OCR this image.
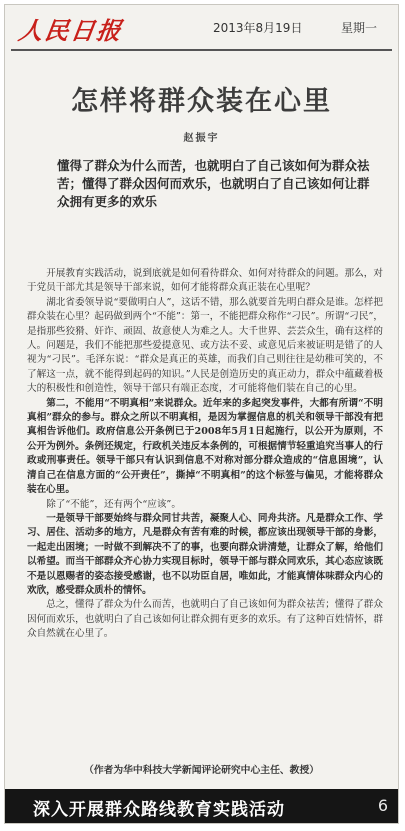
人民日报	2013年8月19日	星期一
怎样将群众装在心里
赵振宇

懂得了群众为什么而苦，也就明白了自己该如何为群众祛苦；懂得了群众因何而欢乐，也就明白了自己该如何让群众拥有更多的欢乐

开展教育实践活动，说到底就是如何看待群众、如何对待群众的问题。那么，对于党员干部尤其是领导干部来说，如何才能将群众真正装在心里呢？

湖北省委领导说“要做明白人”，这话不错，那么就要首先明白群众是谁。怎样把群众装在心里？起码做到两个“不能”：第一，不能把群众称作“刁民”。所谓“刁民”，是指那些狡猾、奸诈、顽固、故意使人为难之人。大千世界、芸芸众生，确有这样的人。问题是，我们不能把那些爱提意见、或方法不妥、或意见后来被证明是错了的人视为“刁民”。毛泽东说：“群众是真正的英雄，而我们自己则往往是幼稚可笑的，不了解这一点，就不能得到起码的知识。”人民是创造历史的真正动力，群众中蕴藏着极大的积极性和创造性，领导干部只有端正态度，才可能将他们装在自己的心里。

第二，不能用“不明真相”来说群众。近年来的多起突发事件，大都有所谓“不明真相”群众的参与。群众之所以不明真相，是因为掌握信息的机关和领导干部没有把真相告诉他们。政府信息公开条例已于2008年5月1日起施行，以公开为原则，不公开为例外。条例还规定，行政机关违反本条例的，可根据情节轻重追究当事人的行政或刑事责任。领导干部只有认识到信息不对称对部分群众造成的“信息困境”，认清自己在信息方面的“公开责任”，撕掉“不明真相”的这个标签与偏见，才能将群众装在心里。

除了“不能”，还有两个“应该”。

一是领导干部要始终与群众同甘共苦，凝聚人心、同舟共济。凡是群众工作、学习、居住、活动多的地方，凡是群众有苦有难的时候，都应该出现领导干部的身影，一起走出困境；一时做不到解决不了的事，也要向群众讲清楚，让群众了解，给他们以希望。而当干部群众齐心协力实现目标时，领导干部与群众同欢乐，其心态应该既不是以恩赐者的姿态接受感谢，也不以功臣自居，唯如此，才能真情体味群众内心的欢欣，感受群众质朴的情怀。

总之，懂得了群众为什么而苦，也就明白了自己该如何为群众祛苦；懂得了群众因何而欢乐，也就明白了自己该如何让群众拥有更多的欢乐。有了这种百姓情怀，群众自然就在心里了。

（作者为华中科技大学新闻评论研究中心主任、教授）
深入开展群众路线教育实践活动	6
